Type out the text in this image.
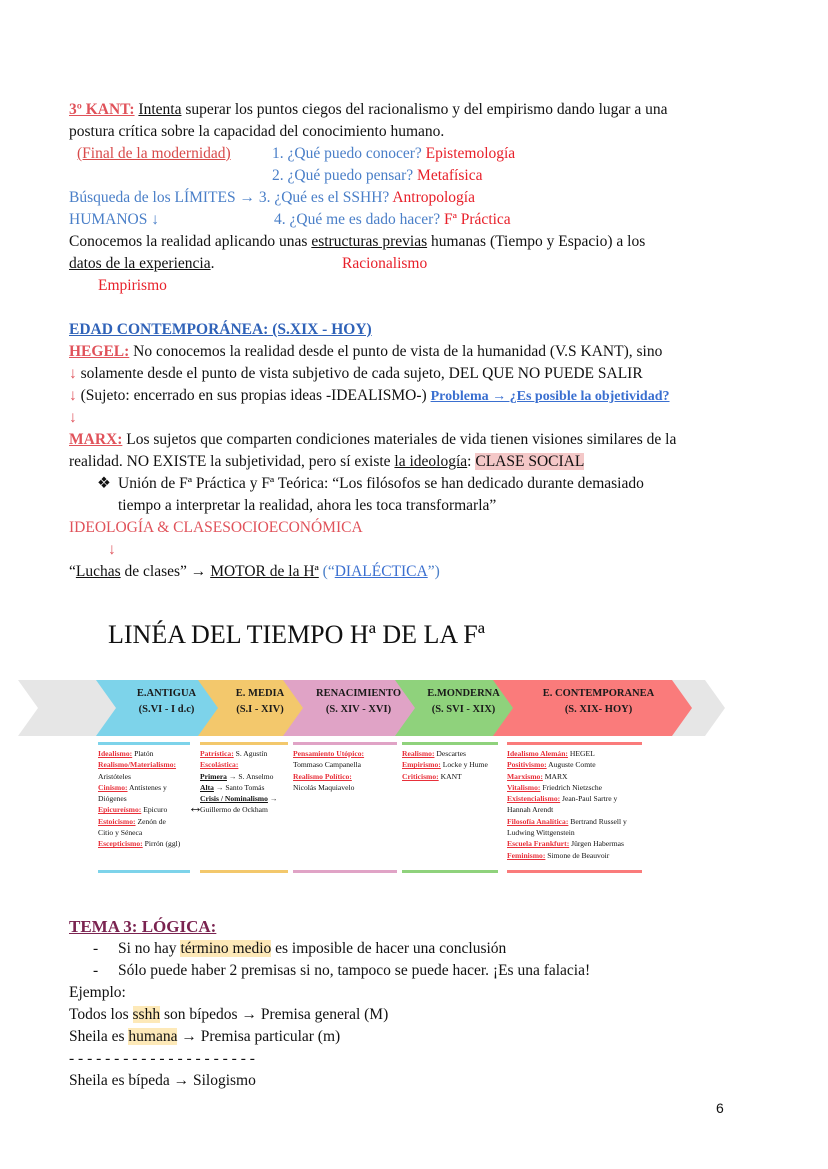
3º KANT: Intenta superar los puntos ciegos del racionalismo y del empirismo dando lugar a una
postura crítica sobre la capacidad del conocimiento humano.
(Final de la modernidad)	1. ¿Qué puedo conocer? Epistemología
2. ¿Qué puedo pensar? Metafísica
Búsqueda de los LÍMITES → 3. ¿Qué es el SSHH? Antropología
HUMANOS ↓	4. ¿Qué me es dado hacer? Fª Práctica
Conocemos la realidad aplicando unas estructuras previas humanas (Tiempo y Espacio) a los
datos de la experiencia.	Racionalismo
Empirismo
EDAD CONTEMPORÁNEA: (S.XIX - HOY)
HEGEL: No conocemos la realidad desde el punto de vista de la humanidad (V.S KANT), sino
↓ solamente desde el punto de vista subjetivo de cada sujeto, DEL QUE NO PUEDE SALIR
↓ (Sujeto: encerrado en sus propias ideas -IDEALISMO-) Problema → ¿Es posible la objetividad?
↓
MARX: Los sujetos que comparten condiciones materiales de vida tienen visiones similares de la
realidad. NO EXISTE la subjetividad, pero sí existe la ideología: CLASE SOCIAL
❖ Unión de Fª Práctica y Fª Teórica: “Los filósofos se han dedicado durante demasiado
tiempo a interpretar la realidad, ahora les toca transformarla”
IDEOLOGÍA & CLASESOCIOECONÓMICA
↓
“Luchas de clases” → MOTOR de la Hª (“DIALÉCTICA”)
LINÉA DEL TIEMPO Hª DE LA Fª
E.ANTIGUA
(S.VI - I d.c)
E. MEDIA
(S.I - XIV)
RENACIMIENTO
(S. XIV - XVI)
E.MONDERNA
(S. SVI - XIX)
E. CONTEMPORANEA
(S. XIX- HOY)
Idealismo: Platón
Realismo/Materialismo:
Aristóteles
Cinismo: Antístenes y
Diógenes
Epicureísmo: Epicuro
Estoicismo: Zenón de
Citio y Séneca
Escepticismo: Pirrón (ggl)
Patrística: S. Agustín
Escolástica:
Primera → S. Anselmo
Alta → Santo Tomás
Crisis / Nominalismo →
Guillermo de Ockham
Pensamiento Utópico:
Tommaso Campanella
Realismo Político:
Nicolás Maquiavelo
Realismo: Descartes
Empirismo: Locke y Hume
Criticismo: KANT
Idealismo Alemán: HEGEL
Positivismo: Auguste Comte
Marxismo: MARX
Vitalismo: Friedrich Nietzsche
Existencialismo: Jean-Paul Sartre y
Hannah Arendt
Filosofía Analítica: Bertrand Russell y
Ludwing Wittgenstein
Escuela Frankfurt: Jürgen Habermas
Feminismo: Simone de Beauvoir
↔
TEMA 3: LÓGICA:
- Si no hay término medio es imposible de hacer una conclusión
- Sólo puede haber 2 premisas si no, tampoco se puede hacer. ¡Es una falacia!
Ejemplo:
Todos los sshh son bípedos → Premisa general (M)
Sheila es humana → Premisa particular (m)
- - - - - - - - - - - - - - - - - - - - -
Sheila es bípeda → Silogismo
6
